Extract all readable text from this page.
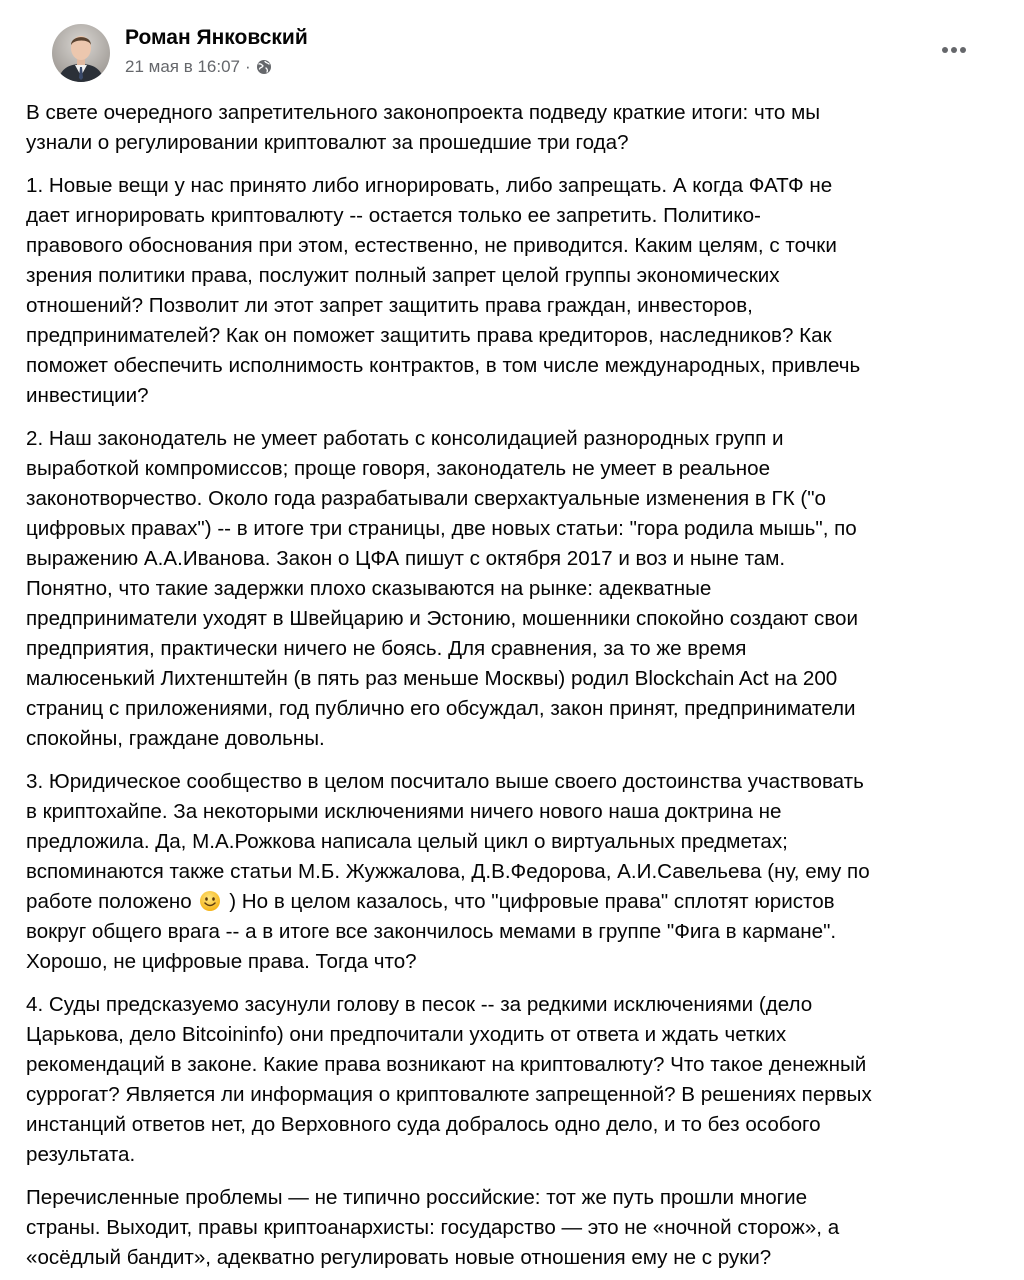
Роман Янковский
21 мая в 16:07 ·

В свете очередного запретительного законопроекта подведу краткие итоги: что мы
узнали о регулировании криптовалют за прошедшие три года?

1. Новые вещи у нас принято либо игнорировать, либо запрещать. А когда ФАТФ не
дает игнорировать криптовалюту -- остается только ее запретить. Политико-
правового обоснования при этом, естественно, не приводится. Каким целям, с точки
зрения политики права, послужит полный запрет целой группы экономических
отношений? Позволит ли этот запрет защитить права граждан, инвесторов,
предпринимателей? Как он поможет защитить права кредиторов, наследников? Как
поможет обеспечить исполнимость контрактов, в том числе международных, привлечь
инвестиции?

2. Наш законодатель не умеет работать с консолидацией разнородных групп и
выработкой компромиссов; проще говоря, законодатель не умеет в реальное
законотворчество. Около года разрабатывали сверхактуальные изменения в ГК ("о
цифровых правах") -- в итоге три страницы, две новых статьи: "гора родила мышь", по
выражению А.А.Иванова. Закон о ЦФА пишут с октября 2017 и воз и ныне там.
Понятно, что такие задержки плохо сказываются на рынке: адекватные
предприниматели уходят в Швейцарию и Эстонию, мошенники спокойно создают свои
предприятия, практически ничего не боясь. Для сравнения, за то же время
малюсенький Лихтенштейн (в пять раз меньше Москвы) родил Blockchain Act на 200
страниц с приложениями, год публично его обсуждал, закон принят, предприниматели
спокойны, граждане довольны.

3. Юридическое сообщество в целом посчитало выше своего достоинства участвовать
в криптохайпе. За некоторыми исключениями ничего нового наша доктрина не
предложила. Да, М.А.Рожкова написала целый цикл о виртуальных предметах;
вспоминаются также статьи М.Б. Жужжалова, Д.В.Федорова, А.И.Савельева (ну, ему по
работе положено  ) Но в целом казалось, что "цифровые права" сплотят юристов
вокруг общего врага -- а в итоге все закончилось мемами в группе "Фига в кармане".
Хорошо, не цифровые права. Тогда что?

4. Суды предсказуемо засунули голову в песок -- за редкими исключениями (дело
Царькова, дело Bitcoininfo) они предпочитали уходить от ответа и ждать четких
рекомендаций в законе. Какие права возникают на криптовалюту? Что такое денежный
суррогат? Является ли информация о криптовалюте запрещенной? В решениях первых
инстанций ответов нет, до Верховного суда добралось одно дело, и то без особого
результата.

Перечисленные проблемы — не типично российские: тот же путь прошли многие
страны. Выходит, правы криптоанархисты: государство — это не «ночной сторож», а
«осёдлый бандит», адекватно регулировать новые отношения ему не с руки?
